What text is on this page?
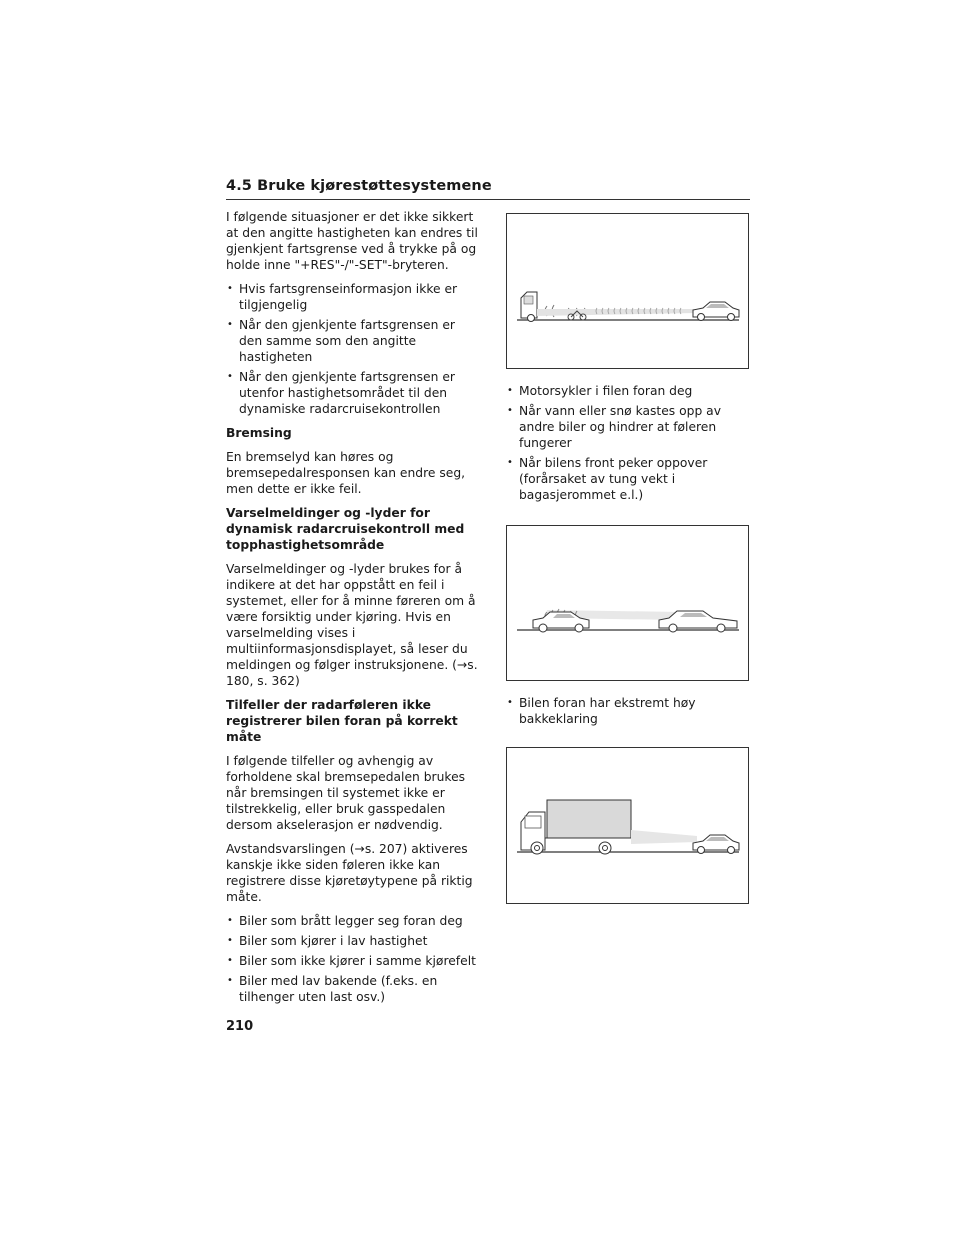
4.5 Bruke kjørestøttesystemene

I følgende situasjoner er det ikke sikkert at den angitte hastigheten kan endres til gjenkjent fartsgrense ved å trykke på og holde inne "+RES"-/"-SET"-bryteren.

• Hvis fartsgrenseinformasjon ikke er tilgjengelig
• Når den gjenkjente fartsgrensen er den samme som den angitte hastigheten
• Når den gjenkjente fartsgrensen er utenfor hastighetsområdet til den dynamiske radarcruisekontrollen
Bremsing

En bremselyd kan høres og bremsepedalresponsen kan endre seg, men dette er ikke feil.

Varselmeldinger og -lyder for dynamisk radarcruisekontroll med topphastighetsområde

Varselmeldinger og -lyder brukes for å indikere at det har oppstått en feil i systemet, eller for å minne føreren om å være forsiktig under kjøring. Hvis en varselmelding vises i multiinformasjonsdisplayet, så leser du meldingen og følger instruksjonene. (→s. 180, s. 362)

Tilfeller der radarføleren ikke registrerer bilen foran på korrekt måte

I følgende tilfeller og avhengig av forholdene skal bremsepedalen brukes når bremsingen til systemet ikke er tilstrekkelig, eller bruk gasspedalen dersom akselerasjon er nødvendig.

Avstandsvarslingen (→s. 207) aktiveres kanskje ikke siden føleren ikke kan registrere disse kjøretøytypene på riktig måte.

• Biler som brått legger seg foran deg
• Biler som kjører i lav hastighet
• Biler som ikke kjører i samme kjørefelt
• Biler med lav bakende (f.eks. en tilhenger uten last osv.)
• Motorsykler i filen foran deg
• Når vann eller snø kastes opp av andre biler og hindrer at føleren fungerer
• Når bilens front peker oppover (forårsaket av tung vekt i bagasjerommet e.l.)
• Bilen foran har ekstremt høy bakkeklaring
210
